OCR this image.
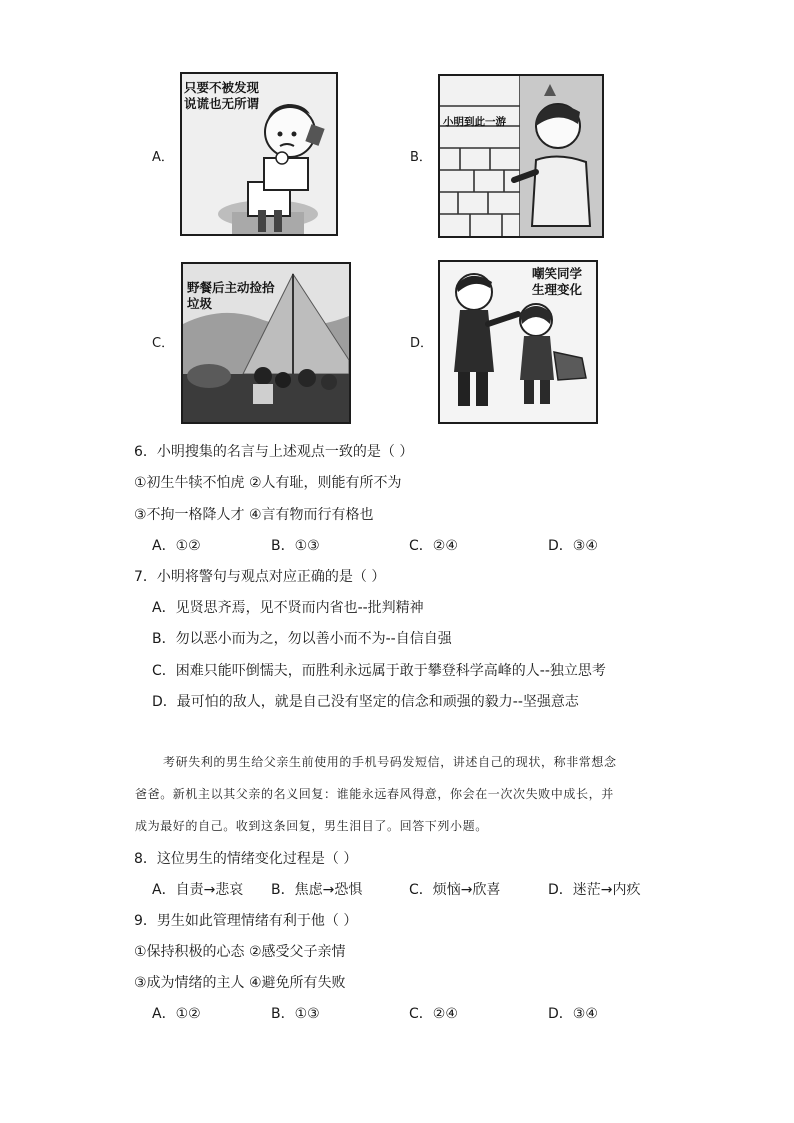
A．	B．
C．	D．
只要不被发现
说谎也无所谓
小明到此一游
野餐后主动捡拾
垃圾
嘲笑同学
生理变化
6．小明搜集的名言与上述观点一致的是（ ）
①初生牛犊不怕虎 ②人有耻，则能有所不为
③不拘一格降人才 ④言有物而行有格也
A．①②	B．①③	C．②④	D．③④
7．小明将警句与观点对应正确的是（ ）
A．见贤思齐焉，见不贤而内省也--批判精神
B．勿以恶小而为之，勿以善小而不为--自信自强
C．困难只能吓倒懦夫，而胜利永远属于敢于攀登科学高峰的人--独立思考
D．最可怕的敌人，就是自己没有坚定的信念和顽强的毅力--坚强意志

考研失利的男生给父亲生前使用的手机号码发短信，讲述自己的现状，称非常想念

爸爸。新机主以其父亲的名义回复：谁能永远春风得意，你会在一次次失败中成长，并

成为最好的自己。收到这条回复，男生泪目了。回答下列小题。

8．这位男生的情绪变化过程是（ ）
A．自责→悲哀 B．焦虑→恐惧	C．烦恼→欣喜	D．迷茫→内疚
9．男生如此管理情绪有利于他（ ）
①保持积极的心态 ②感受父子亲情
③成为情绪的主人 ④避免所有失败
A．①②	B．①③	C．②④	D．③④
